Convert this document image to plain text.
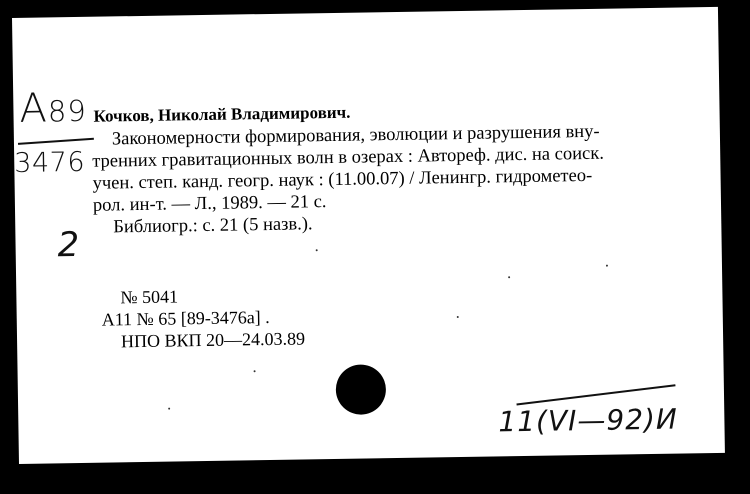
A89
3476
2
Кочков, Николай Владимирович.
Закономерности формирования, эволюции и разрушения вну-
тренних гравитационных волн в озерах : Автореф. дис. на соиск.
учен. степ. канд. геогр. наук : (11.00.07) / Ленингр. гидрометео-
рол. ин-т. — Л., 1989. — 21 с.
Библиогр.: с. 21 (5 назв.).
№ 5041
А11 № 65 [89-3476а] .
НПО ВКП 20—24.03.89
11(VI—92)И
